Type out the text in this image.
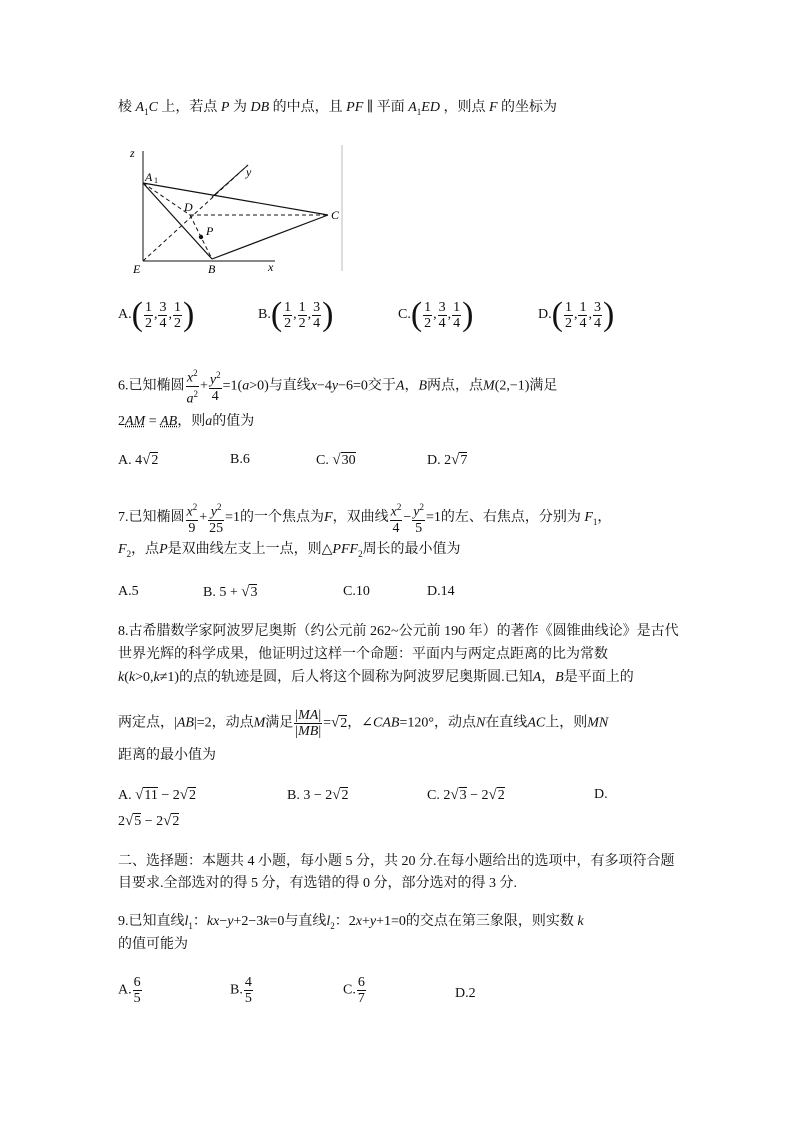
棱 $A_1C$ 上，若点 P 为 DB 的中点，且 PF ∥ 平面 $A_1ED$ ，则点 F 的坐标为
z
y
x
A 1
D
P
C
E	B
$A.( \frac{1}{2}$ , $\frac{3}{4}$ , $\frac{1}{2}$ )	$B.( \frac{1}{2}$ , $\frac{1}{2}$ , $\frac{3}{4}$ )	$C.( \frac{1}{2}$ , $\frac{3}{4}$ , $\frac{1}{4}$ )	$D.( \frac{1}{2}$ , $\frac{1}{4}$ , $\frac{3}{4}$ )
6.已知椭圆 $\frac{x^2}{a^2} + \frac{y^2}{4} =1(a>0)$与直线x−4y−6=0交于A，B两点，点M(2,−1)满足
2AM = AB，则a的值为
A. 4√2	B.6	C. √30	D. 2√7
7.已知椭圆 $\frac{x^2}{9} + \frac{y^2}{25} =1$的一个焦点为F，双曲线 $\frac{x^2}{4} - \frac{y^2}{5} =1$的左、右焦点，分别为 $F_1$，
$F_2$，点P是双曲线左支上一点，则$\triangle PFF_2$周长的最小值为
A.5	B. 5 + √3	C.10	D.14
8.古希腊数学家阿波罗尼奥斯（约公元前 262~公元前 190 年）的著作《圆锥曲线论》是古代
世界光辉的科学成果，他证明过这样一个命题：平面内与两定点距离的比为常数
k(k>0,k≠1)的点的轨迹是圆，后人将这个圆称为阿波罗尼奥斯圆.已知A，B是平面上的
两定点，|AB|=2，动点M满足 $\frac{|MA|}{|MB|} =√2$，∠CAB=120°，动点N在直线AC上，则MN
距离的最小值为
A. √11 − 2√2	B. 3 − 2√2	C. 2√3 − 2√2	D.
2√5 − 2√2
二、选择题：本题共 4 小题，每小题 5 分，共 20 分.在每小题给出的选项中，有多项符合题
目要求.全部选对的得 5 分，有选错的得 0 分，部分选对的得 3 分.
9.已知直线$l_1$：kx−y+2−3k=0与直线$l_2$：2x+y+1=0的交点在第三象限，则实数 k
的值可能为
A. $\frac{6}{5}$	B. $\frac{4}{5}$	C. $\frac{6}{7}$	D.2
